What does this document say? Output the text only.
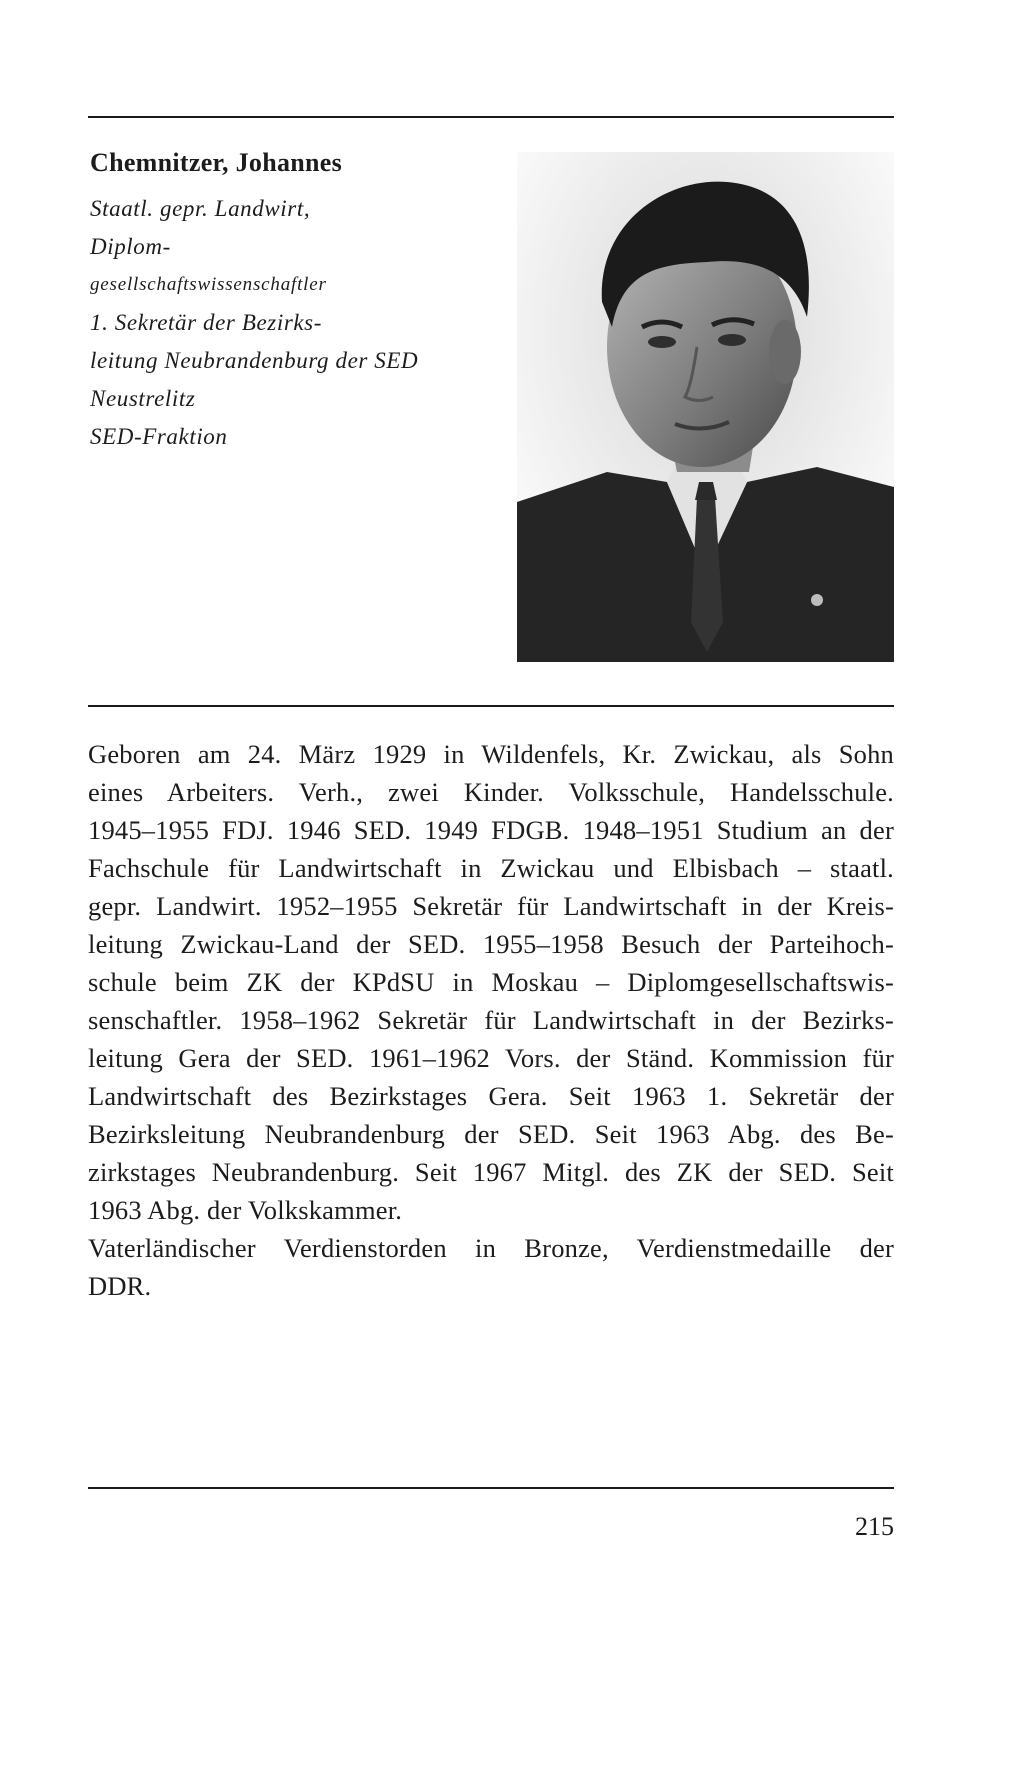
Chemnitzer, Johannes
Staatl. gepr. Landwirt,
Diplom-
gesellschaftswissenschaftler
1. Sekretär der Bezirks-
leitung Neubrandenburg der SED
Neustrelitz
SED-Fraktion
Geboren am 24. März 1929 in Wildenfels, Kr. Zwickau, als Sohn
eines Arbeiters. Verh., zwei Kinder. Volksschule, Handelsschule.
1945–1955 FDJ. 1946 SED. 1949 FDGB. 1948–1951 Studium an der
Fachschule für Landwirtschaft in Zwickau und Elbisbach – staatl.
gepr. Landwirt. 1952–1955 Sekretär für Landwirtschaft in der Kreis-
leitung Zwickau-Land der SED. 1955–1958 Besuch der Parteihoch-
schule beim ZK der KPdSU in Moskau – Diplomgesellschaftswis-
senschaftler. 1958–1962 Sekretär für Landwirtschaft in der Bezirks-
leitung Gera der SED. 1961–1962 Vors. der Ständ. Kommission für
Landwirtschaft des Bezirkstages Gera. Seit 1963 1. Sekretär der
Bezirksleitung Neubrandenburg der SED. Seit 1963 Abg. des Be-
zirkstages Neubrandenburg. Seit 1967 Mitgl. des ZK der SED. Seit
1963 Abg. der Volkskammer.
Vaterländischer Verdienstorden in Bronze, Verdienstmedaille der
DDR.
215
